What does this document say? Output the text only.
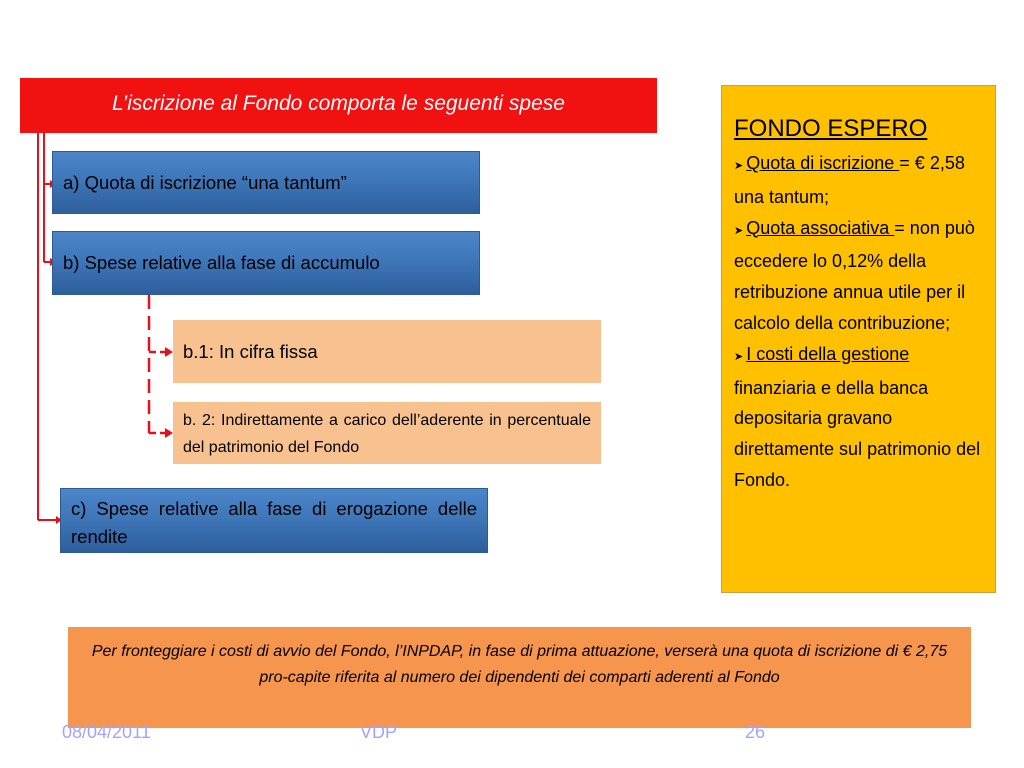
L’iscrizione al Fondo comporta le seguenti spese
a) Quota di iscrizione “una tantum”
b) Spese relative alla fase di accumulo
b.1: In cifra fissa
b. 2: Indirettamente a carico dell’aderente in percentuale del patrimonio del Fondo
c) Spese relative alla fase di erogazione delle rendite
FONDO ESPERO
➤ Quota di iscrizione = € 2,58 una tantum;
➤ Quota associativa = non può eccedere lo 0,12% della retribuzione annua utile per il calcolo della contribuzione;
➤ I costi della gestione finanziaria e della banca depositaria gravano direttamente sul patrimonio del Fondo.
Per fronteggiare i costi di avvio del Fondo, l’INPDAP, in fase di prima attuazione, verserà una quota di iscrizione di € 2,75 pro-capite riferita al numero dei dipendenti dei comparti aderenti al Fondo
08/04/2011	VDP	26
